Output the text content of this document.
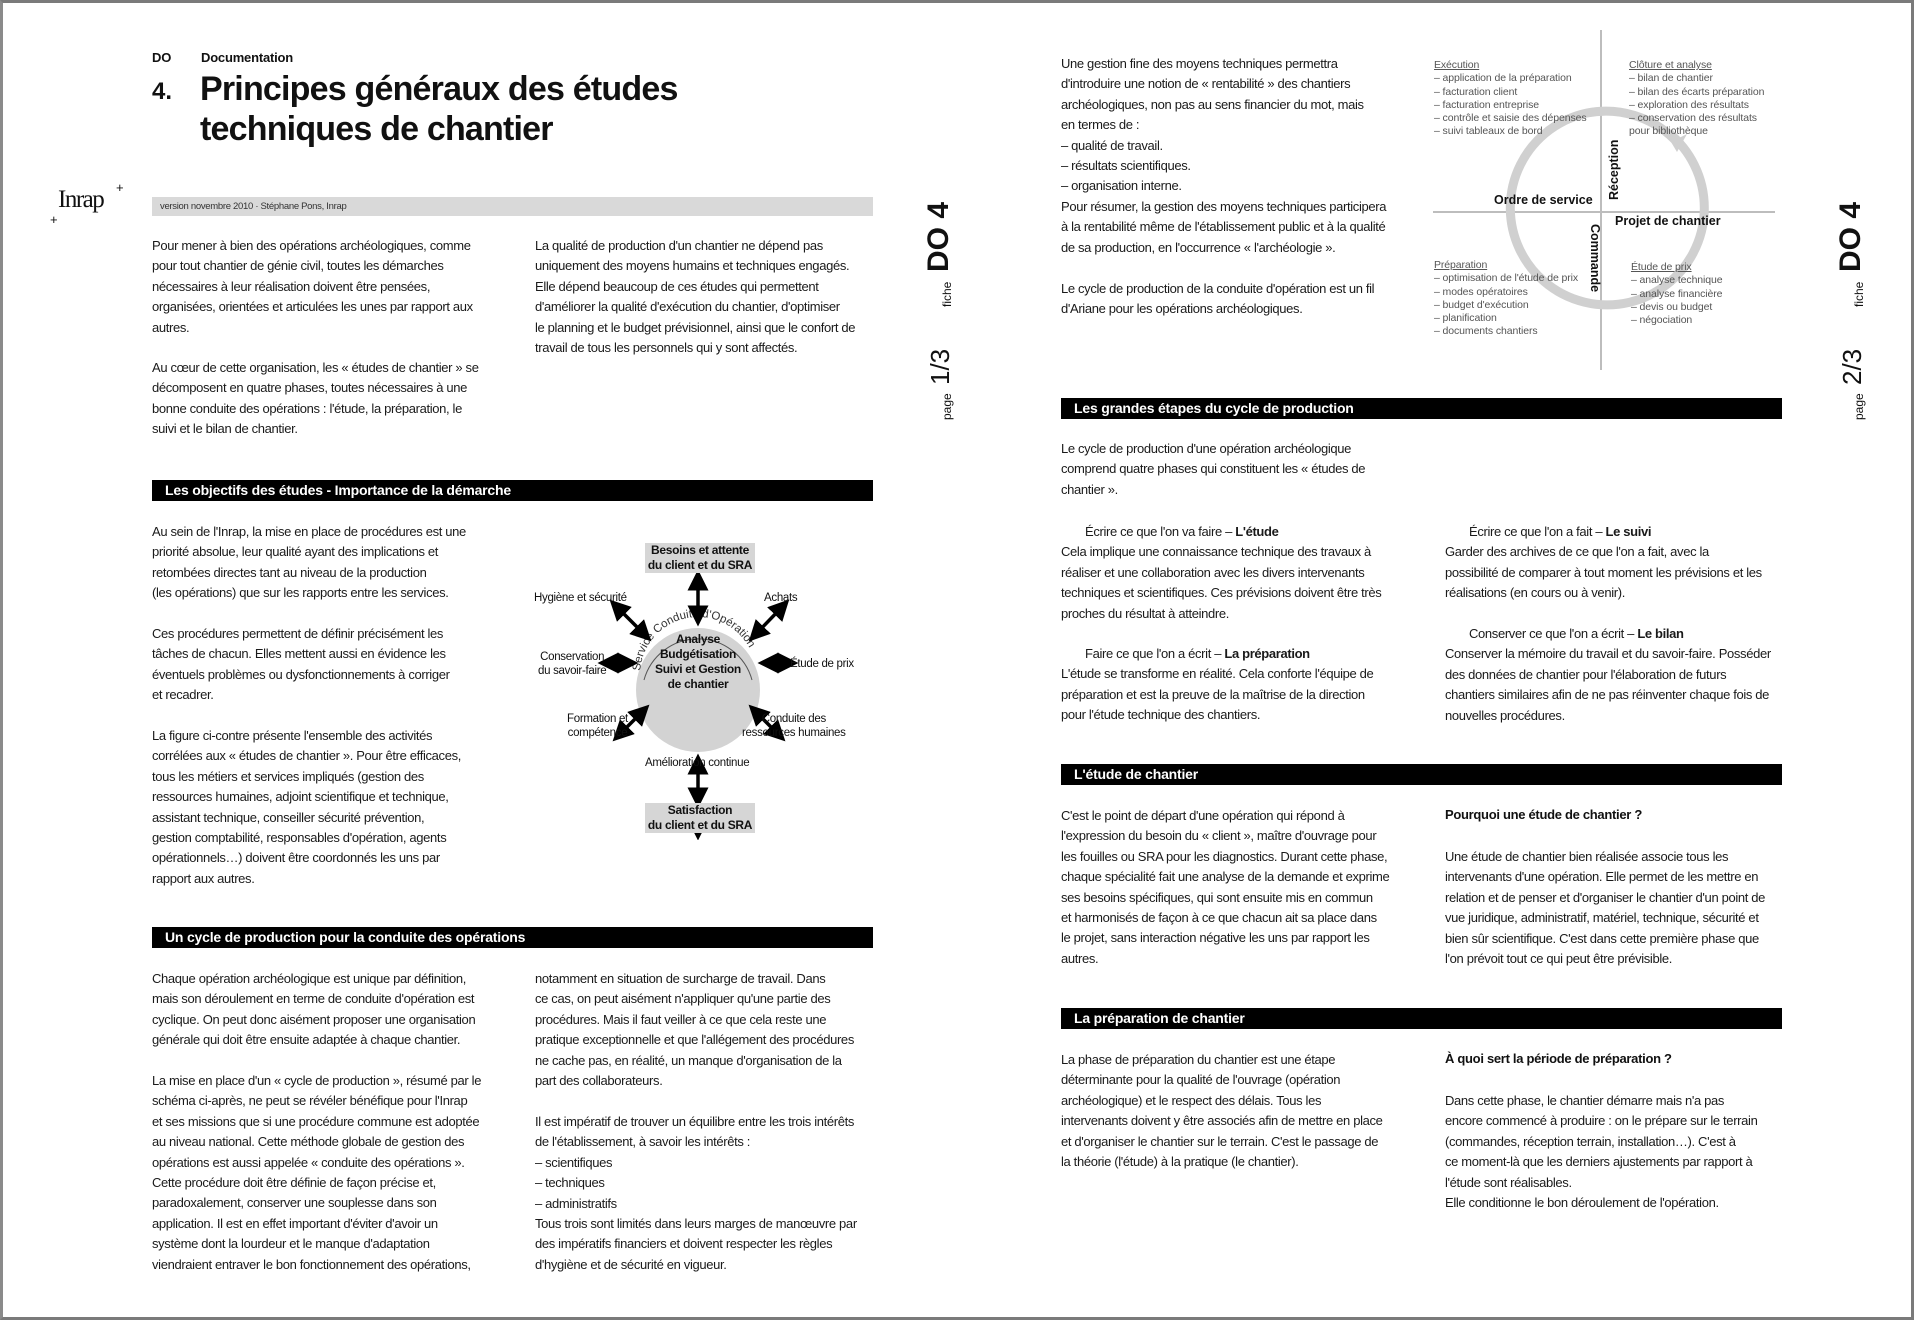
DO Documentation
4. Principes généraux des études
techniques de chantier
Inrap +
+
version novembre 2010 · Stéphane Pons, Inrap
Pour mener à bien des opérations archéologiques, comme
pour tout chantier de génie civil, toutes les démarches
nécessaires à leur réalisation doivent être pensées,
organisées, orientées et articulées les unes par rapport aux
autres.
Au cœur de cette organisation, les « études de chantier » se
décomposent en quatre phases, toutes nécessaires à une
bonne conduite des opérations : l'étude, la préparation, le
suivi et le bilan de chantier.
La qualité de production d'un chantier ne dépend pas
uniquement des moyens humains et techniques engagés.
Elle dépend beaucoup de ces études qui permettent
d'améliorer la qualité d'exécution du chantier, d'optimiser
le planning et le budget prévisionnel, ainsi que le confort de
travail de tous les personnels qui y sont affectés.
Les objectifs des études - Importance de la démarche
Au sein de l'Inrap, la mise en place de procédures est une
priorité absolue, leur qualité ayant des implications et
retombées directes tant au niveau de la production
(les opérations) que sur les rapports entre les services.
Ces procédures permettent de définir précisément les
tâches de chacun. Elles mettent aussi en évidence les
éventuels problèmes ou dysfonctionnements à corriger
et recadrer.
La figure ci-contre présente l'ensemble des activités
corrélées aux « études de chantier ». Pour être efficaces,
tous les métiers et services impliqués (gestion des
ressources humaines, adjoint scientifique et technique,
assistant technique, conseiller sécurité prévention,
gestion comptabilité, responsables d'opération, agents
opérationnels…) doivent être coordonnés les uns par
rapport aux autres.
Service Conduite d'Opération
Besoins et attente
du client et du SRA
Satisfaction
du client et du SRA
Analyse
Budgétisation
Suivi et Gestion
de chantier
Hygiène et sécurité	Achats
Conservation
du savoir-faire
Étude de prix
Formation et
compétence
Conduite des
ressources humaines
Amélioration continue
Un cycle de production pour la conduite des opérations
Chaque opération archéologique est unique par définition,
mais son déroulement en terme de conduite d'opération est
cyclique. On peut donc aisément proposer une organisation
générale qui doit être ensuite adaptée à chaque chantier.
La mise en place d'un « cycle de production », résumé par le
schéma ci-après, ne peut se révéler bénéfique pour l'Inrap
et ses missions que si une procédure commune est adoptée
au niveau national. Cette méthode globale de gestion des
opérations est aussi appelée « conduite des opérations ».
Cette procédure doit être définie de façon précise et,
paradoxalement, conserver une souplesse dans son
application. Il est en effet important d'éviter d'avoir un
système dont la lourdeur et le manque d'adaptation
viendraient entraver le bon fonctionnement des opérations,
notamment en situation de surcharge de travail. Dans
ce cas, on peut aisément n'appliquer qu'une partie des
procédures. Mais il faut veiller à ce que cela reste une
pratique exceptionnelle et que l'allégement des procédures
ne cache pas, en réalité, un manque d'organisation de la
part des collaborateurs.
Il est impératif de trouver un équilibre entre les trois intérêts
de l'établissement, à savoir les intérêts :
– scientifiques
– techniques
– administratifs
Tous trois sont limités dans leurs marges de manœuvre par
des impératifs financiers et doivent respecter les règles
d'hygiène et de sécurité en vigueur.
page
1/3
fiche
DO 4
Une gestion fine des moyens techniques permettra
d'introduire une notion de « rentabilité » des chantiers
archéologiques, non pas au sens financier du mot, mais
en termes de :
– qualité de travail.
– résultats scientifiques.
– organisation interne.
Pour résumer, la gestion des moyens techniques participera
à la rentabilité même de l'établissement public et à la qualité
de sa production, en l'occurrence « l'archéologie ».
Le cycle de production de la conduite d'opération est un fil
d'Ariane pour les opérations archéologiques.
Exécution
– application de la préparation
– facturation client
– facturation entreprise
– contrôle et saisie des dépenses
– suivi tableaux de bord
Clôture et analyse
– bilan de chantier
– bilan des écarts préparation
– exploration des résultats
– conservation des résultats
pour bibliothèque
Préparation
– optimisation de l'étude de prix
– modes opératoires
– budget d'exécution
– planification
– documents chantiers
Étude de prix
– analyse technique
– analyse financière
– devis ou budget
– négociation
Ordre de service
Projet de chantier
Réception
Commande
Les grandes étapes du cycle de production
Le cycle de production d'une opération archéologique
comprend quatre phases qui constituent les « études de
chantier ».
Écrire ce que l'on va faire – L'étude
Cela implique une connaissance technique des travaux à
réaliser et une collaboration avec les divers intervenants
techniques et scientifiques. Ces prévisions doivent être très
proches du résultat à atteindre.
Faire ce que l'on a écrit – La préparation
L'étude se transforme en réalité. Cela conforte l'équipe de
préparation et est la preuve de la maîtrise de la direction
pour l'étude technique des chantiers.
Écrire ce que l'on a fait – Le suivi
Garder des archives de ce que l'on a fait, avec la
possibilité de comparer à tout moment les prévisions et les
réalisations (en cours ou à venir).
Conserver ce que l'on a écrit – Le bilan
Conserver la mémoire du travail et du savoir-faire. Posséder
des données de chantier pour l'élaboration de futurs
chantiers similaires afin de ne pas réinventer chaque fois de
nouvelles procédures.
L'étude de chantier
C'est le point de départ d'une opération qui répond à
l'expression du besoin du « client », maître d'ouvrage pour
les fouilles ou SRA pour les diagnostics. Durant cette phase,
chaque spécialité fait une analyse de la demande et exprime
ses besoins spécifiques, qui sont ensuite mis en commun
et harmonisés de façon à ce que chacun ait sa place dans
le projet, sans interaction négative les uns par rapport les
autres.
Pourquoi une étude de chantier ?
Une étude de chantier bien réalisée associe tous les
intervenants d'une opération. Elle permet de les mettre en
relation et de penser et d'organiser le chantier d'un point de
vue juridique, administratif, matériel, technique, sécurité et
bien sûr scientifique. C'est dans cette première phase que
l'on prévoit tout ce qui peut être prévisible.
La préparation de chantier
La phase de préparation du chantier est une étape
déterminante pour la qualité de l'ouvrage (opération
archéologique) et le respect des délais. Tous les
intervenants doivent y être associés afin de mettre en place
et d'organiser le chantier sur le terrain. C'est le passage de
la théorie (l'étude) à la pratique (le chantier).
À quoi sert la période de préparation ?
Dans cette phase, le chantier démarre mais n'a pas
encore commencé à produire : on le prépare sur le terrain
(commandes, réception terrain, installation…). C'est à
ce moment-là que les derniers ajustements par rapport à
l'étude sont réalisables.
Elle conditionne le bon déroulement de l'opération.
page
2/3
fiche
DO 4
